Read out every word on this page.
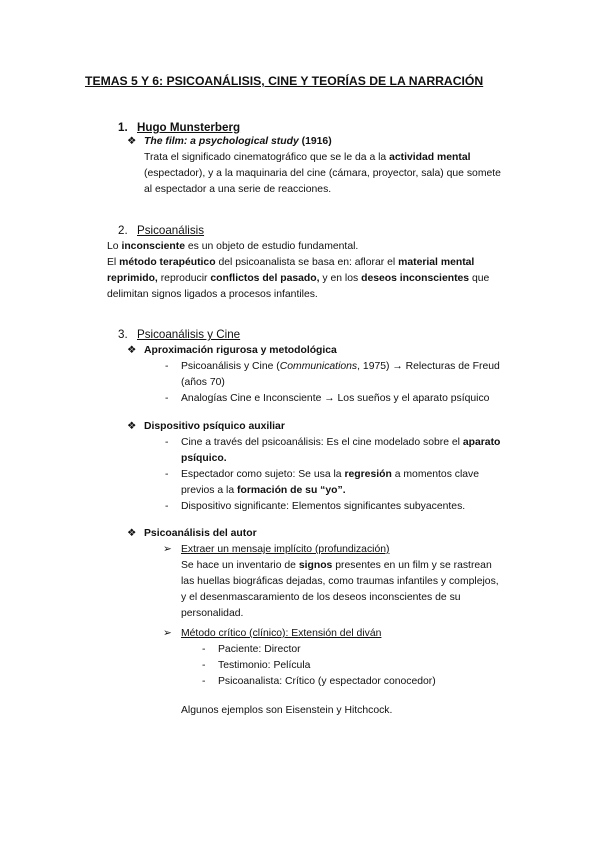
TEMAS 5 Y 6: PSICOANÁLISIS, CINE Y TEORÍAS DE LA NARRACIÓN
1. Hugo Munsterberg
❖ The film: a psychological study (1916)
Trata el significado cinematográfico que se le da a la actividad mental
(espectador), y a la maquinaria del cine (cámara, proyector, sala) que somete
al espectador a una serie de reacciones.
2. Psicoanálisis
Lo inconsciente es un objeto de estudio fundamental.
El método terapéutico del psicoanalista se basa en: aflorar el material mental
reprimido, reproducir conflictos del pasado, y en los deseos inconscientes que
delimitan signos ligados a procesos infantiles.
3. Psicoanálisis y Cine
❖ Aproximación rigurosa y metodológica
- Psicoanálisis y Cine (Communications, 1975) → Relecturas de Freud
(años 70)
- Analogías Cine e Inconsciente → Los sueños y el aparato psíquico
❖ Dispositivo psíquico auxiliar
- Cine a través del psicoanálisis: Es el cine modelado sobre el aparato
psíquico.
- Espectador como sujeto: Se usa la regresión a momentos clave
previos a la formación de su “yo”.
- Dispositivo significante: Elementos significantes subyacentes.
❖ Psicoanálisis del autor
➢ Extraer un mensaje implícito (profundización)
Se hace un inventario de signos presentes en un film y se rastrean
las huellas biográficas dejadas, como traumas infantiles y complejos,
y el desenmascaramiento de los deseos inconscientes de su
personalidad.
➢ Método crítico (clínico): Extensión del diván
- Paciente: Director
- Testimonio: Película
- Psicoanalista: Crítico (y espectador conocedor)
Algunos ejemplos son Eisenstein y Hitchcock.
